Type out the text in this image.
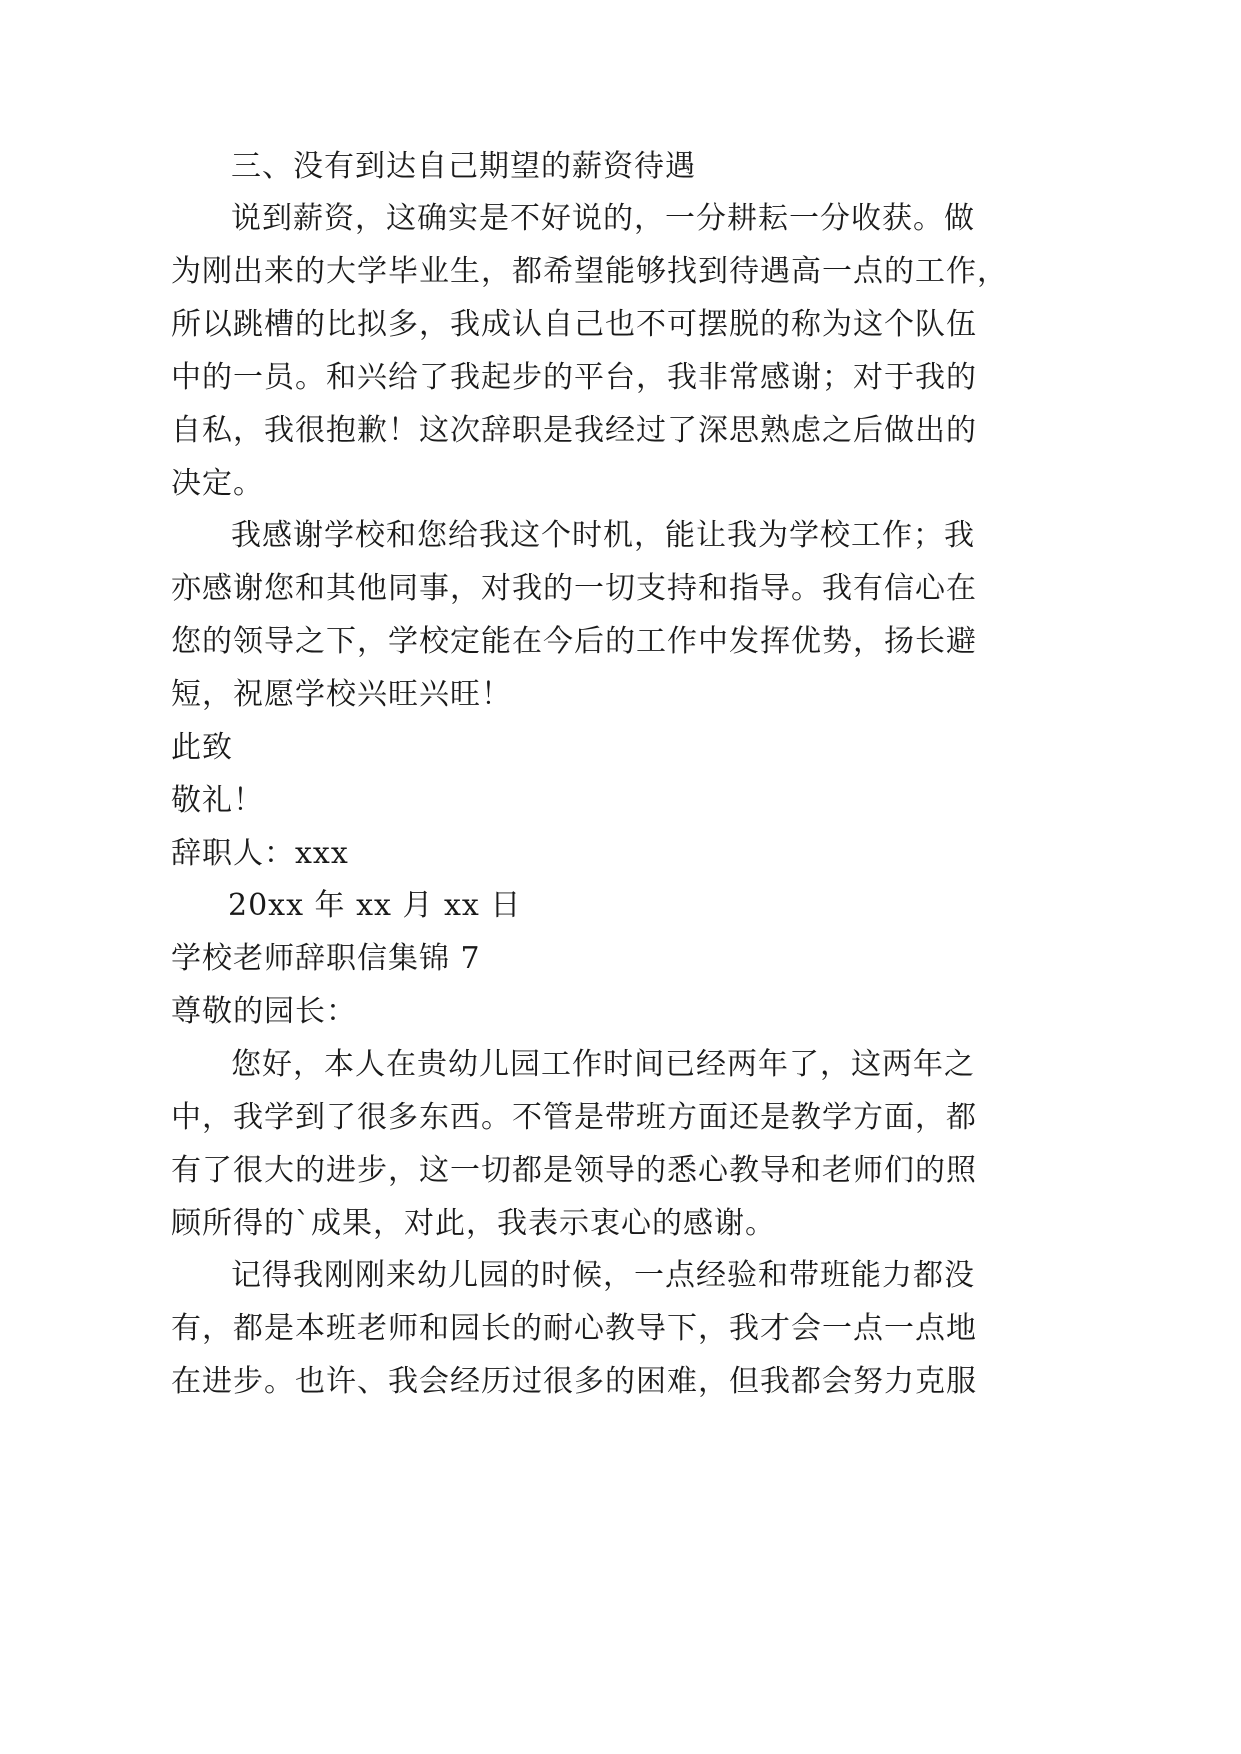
三、没有到达自己期望的薪资待遇
说到薪资，这确实是不好说的，一分耕耘一分收获。做
为刚出来的大学毕业生，都希望能够找到待遇高一点的工作，
所以跳槽的比拟多，我成认自己也不可摆脱的称为这个队伍
中的一员。和兴给了我起步的平台，我非常感谢；对于我的
自私，我很抱歉！这次辞职是我经过了深思熟虑之后做出的
决定。
我感谢学校和您给我这个时机，能让我为学校工作；我
亦感谢您和其他同事，对我的一切支持和指导。我有信心在
您的领导之下，学校定能在今后的工作中发挥优势，扬长避
短，祝愿学校兴旺兴旺！
此致
敬礼！
辞职人：xxx
20xx 年 xx 月 xx 日
学校老师辞职信集锦 7
尊敬的园长：
您好，本人在贵幼儿园工作时间已经两年了，这两年之
中，我学到了很多东西。不管是带班方面还是教学方面，都
有了很大的进步，这一切都是领导的悉心教导和老师们的照
顾所得的`成果，对此，我表示衷心的感谢。
记得我刚刚来幼儿园的时候，一点经验和带班能力都没
有，都是本班老师和园长的耐心教导下，我才会一点一点地
在进步。也许、我会经历过很多的困难，但我都会努力克服
